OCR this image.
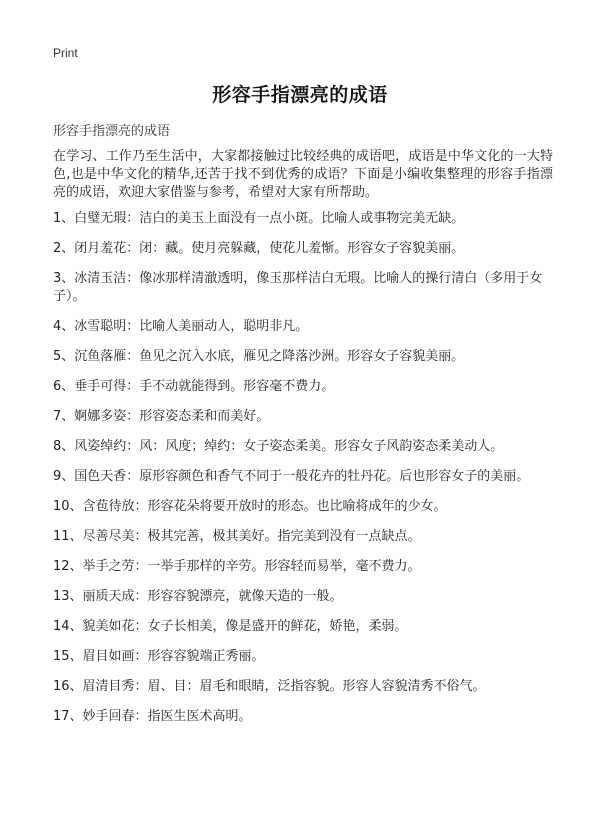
Print
形容手指漂亮的成语
形容手指漂亮的成语
在学习、工作乃至生活中，大家都接触过比较经典的成语吧，成语是中华文化的一大特色,也是中华文化的精华,还苦于找不到优秀的成语？下面是小编收集整理的形容手指漂亮的成语，欢迎大家借鉴与参考，希望对大家有所帮助。
1、白璧无瑕：洁白的美玉上面没有一点小斑。比喻人或事物完美无缺。
2、闭月羞花：闭：藏。使月亮躲藏，使花儿羞惭。形容女子容貌美丽。
3、冰清玉洁：像冰那样清澈透明，像玉那样洁白无瑕。比喻人的操行清白（多用于女子）。
4、冰雪聪明：比喻人美丽动人，聪明非凡。
5、沉鱼落雁：鱼见之沉入水底，雁见之降落沙洲。形容女子容貌美丽。
6、垂手可得：手不动就能得到。形容毫不费力。
7、婀娜多姿：形容姿态柔和而美好。
8、风姿绰约：风：风度；绰约：女子姿态柔美。形容女子风韵姿态柔美动人。
9、国色天香：原形容颜色和香气不同于一般花卉的牡丹花。后也形容女子的美丽。
10、含苞待放：形容花朵将要开放时的形态。也比喻将成年的少女。
11、尽善尽美：极其完善，极其美好。指完美到没有一点缺点。
12、举手之劳：一举手那样的辛劳。形容轻而易举，毫不费力。
13、丽质天成：形容容貌漂亮，就像天造的一般。
14、貌美如花：女子长相美，像是盛开的鲜花，娇艳，柔弱。
15、眉目如画：形容容貌端正秀丽。
16、眉清目秀：眉、目：眉毛和眼睛，泛指容貌。形容人容貌清秀不俗气。
17、妙手回春：指医生医术高明。
